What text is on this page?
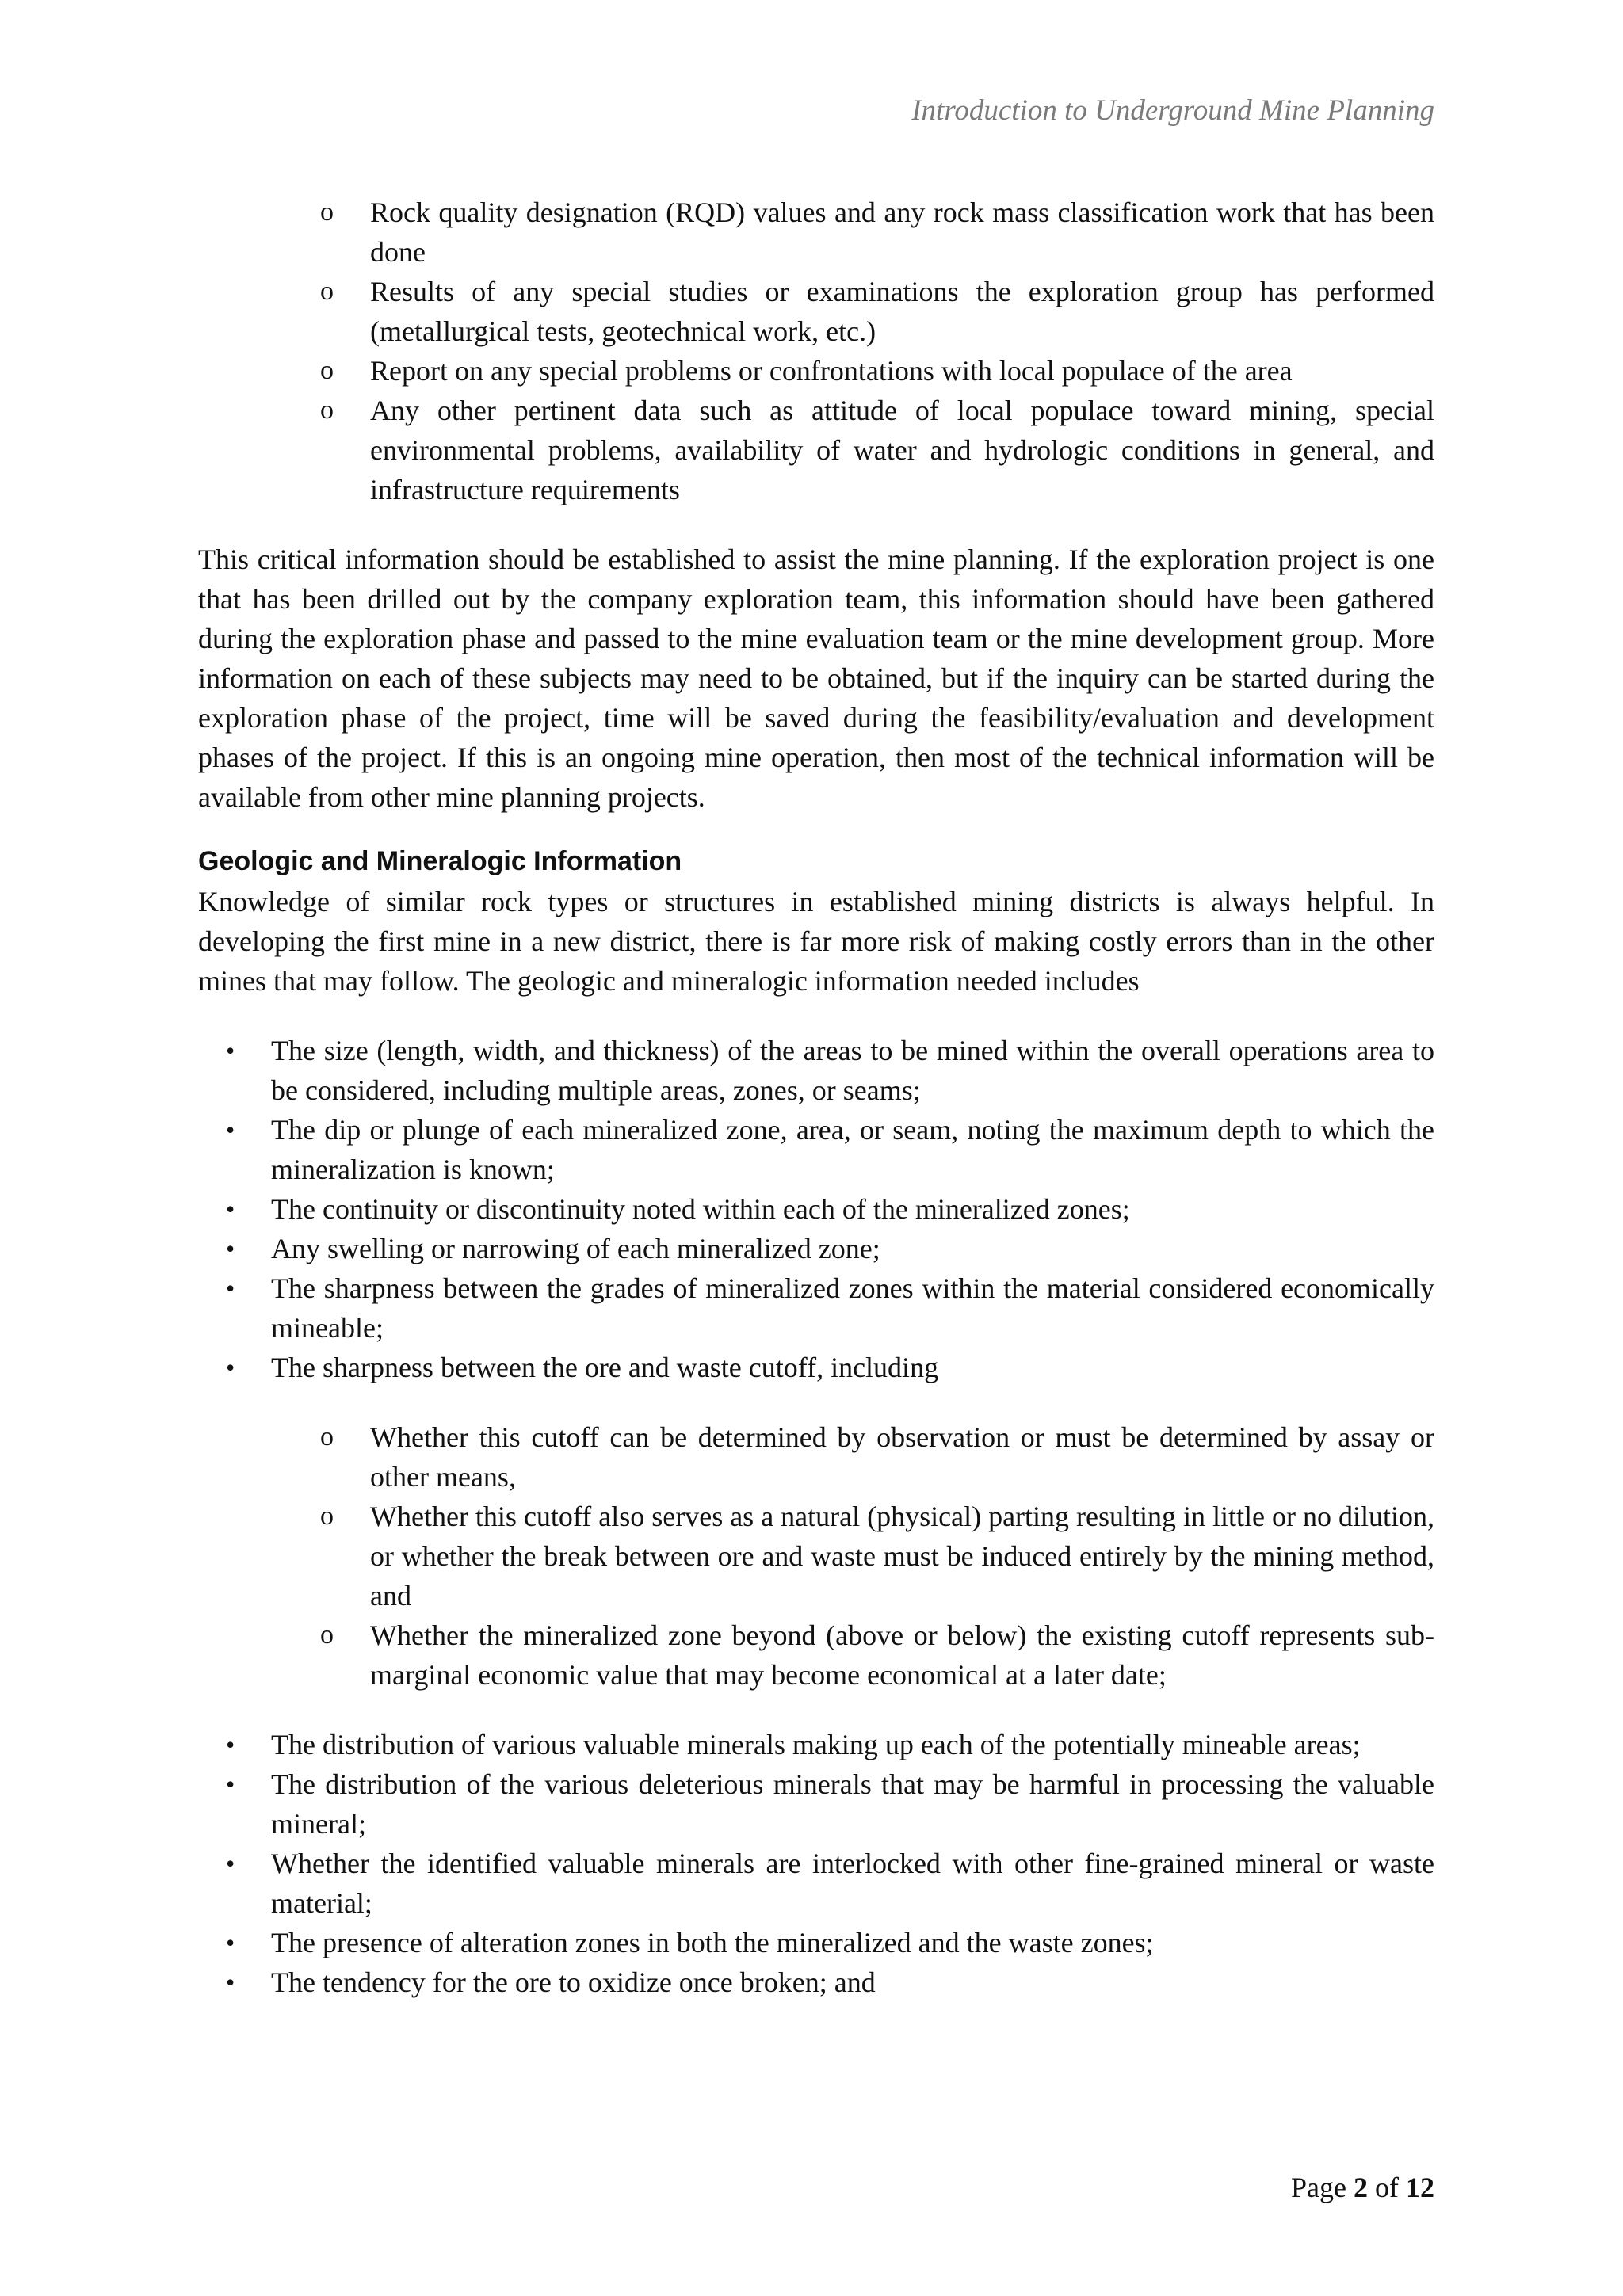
Introduction to Underground Mine Planning
o Rock quality designation (RQD) values and any rock mass classification work that has been done
o Results of any special studies or examinations the exploration group has performed (metallurgical tests, geotechnical work, etc.)
o Report on any special problems or confrontations with local populace of the area
o Any other pertinent data such as attitude of local populace toward mining, special environmental problems, availability of water and hydrologic conditions in general, and infrastructure requirements

This critical information should be established to assist the mine planning. If the exploration project is one that has been drilled out by the company exploration team, this information should have been gathered during the exploration phase and passed to the mine evaluation team or the mine development group. More information on each of these subjects may need to be obtained, but if the inquiry can be started during the exploration phase of the project, time will be saved during the feasibility/evaluation and development phases of the project. If this is an ongoing mine operation, then most of the technical information will be available from other mine planning projects.

Geologic and Mineralogic Information

Knowledge of similar rock types or structures in established mining districts is always helpful. In developing the first mine in a new district, there is far more risk of making costly errors than in the other mines that may follow. The geologic and mineralogic information needed includes

• The size (length, width, and thickness) of the areas to be mined within the overall operations area to be considered, including multiple areas, zones, or seams;
• The dip or plunge of each mineralized zone, area, or seam, noting the maximum depth to which the mineralization is known;
• The continuity or discontinuity noted within each of the mineralized zones;
• Any swelling or narrowing of each mineralized zone;
• The sharpness between the grades of mineralized zones within the material considered economically mineable;
• The sharpness between the ore and waste cutoff, including
o Whether this cutoff can be determined by observation or must be determined by assay or other means,
o Whether this cutoff also serves as a natural (physical) parting resulting in little or no dilution, or whether the break between ore and waste must be induced entirely by the mining method, and
o Whether the mineralized zone beyond (above or below) the existing cutoff represents sub-marginal economic value that may become economical at a later date;
• The distribution of various valuable minerals making up each of the potentially mineable areas;
• The distribution of the various deleterious minerals that may be harmful in processing the valuable mineral;
• Whether the identified valuable minerals are interlocked with other fine-grained mineral or waste material;
• The presence of alteration zones in both the mineralized and the waste zones;
• The tendency for the ore to oxidize once broken; and
Page 2 of 12
